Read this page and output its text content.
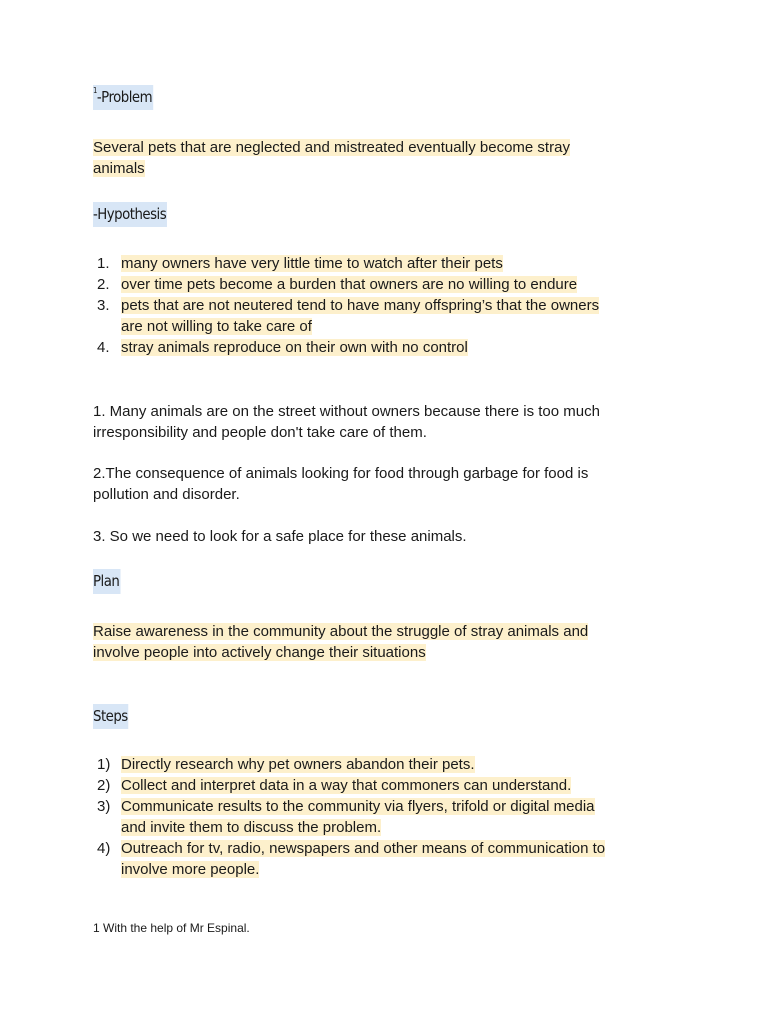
$^1$-Problem
Several pets that are neglected and mistreated eventually become stray
animals
-Hypothesis
1. many owners have very little time to watch after their pets
2. over time pets become a burden that owners are no willing to endure
3. pets that are not neutered tend to have many offspring’s that the owners
are not willing to take care of
4. stray animals reproduce on their own with no control
1. Many animals are on the street without owners because there is too much
irresponsibility and people don't take care of them.
2.The consequence of animals looking for food through garbage for food is
pollution and disorder.
3. So we need to look for a safe place for these animals.
Plan
Raise awareness in the community about the struggle of stray animals and
involve people into actively change their situations
Steps
1) Directly research why pet owners abandon their pets.
2) Collect and interpret data in a way that commoners can understand.
3) Communicate results to the community via flyers, trifold or digital media
and invite them to discuss the problem.
4) Outreach for tv, radio, newspapers and other means of communication to
involve more people.
1 With the help of Mr Espinal.
